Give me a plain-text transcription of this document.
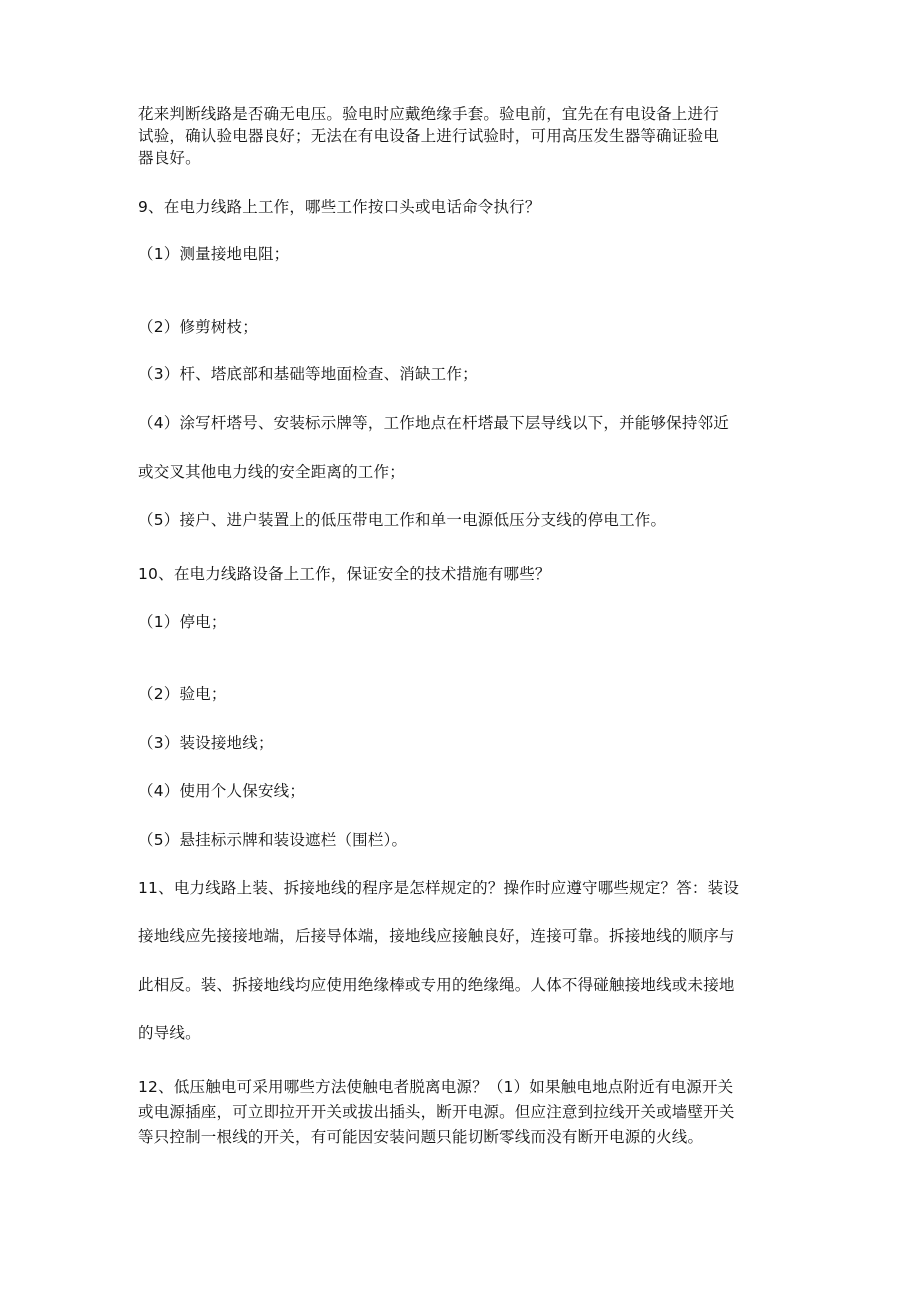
花来判断线路是否确无电压。验电时应戴绝缘手套。验电前，宜先在有电设备上进行
试验，确认验电器良好；无法在有电设备上进行试验时，可用高压发生器等确证验电
器良好。
9、在电力线路上工作，哪些工作按口头或电话命令执行？
（1）测量接地电阻；
（2）修剪树枝；
（3）杆、塔底部和基础等地面检查、消缺工作；
（4）涂写杆塔号、安装标示牌等，工作地点在杆塔最下层导线以下，并能够保持邻近
或交叉其他电力线的安全距离的工作；
（5）接户、进户装置上的低压带电工作和单一电源低压分支线的停电工作。
10、在电力线路设备上工作，保证安全的技术措施有哪些？
（1）停电；
（2）验电；
（3）装设接地线；
（4）使用个人保安线；
（5）悬挂标示牌和装设遮栏（围栏）。
11、电力线路上装、拆接地线的程序是怎样规定的？操作时应遵守哪些规定？答：装设
接地线应先接接地端，后接导体端，接地线应接触良好，连接可靠。拆接地线的顺序与
此相反。装、拆接地线均应使用绝缘棒或专用的绝缘绳。人体不得碰触接地线或未接地
的导线。
12、低压触电可采用哪些方法使触电者脱离电源？（1）如果触电地点附近有电源开关
或电源插座，可立即拉开开关或拔出插头，断开电源。但应注意到拉线开关或墙壁开关
等只控制一根线的开关，有可能因安装问题只能切断零线而没有断开电源的火线。
